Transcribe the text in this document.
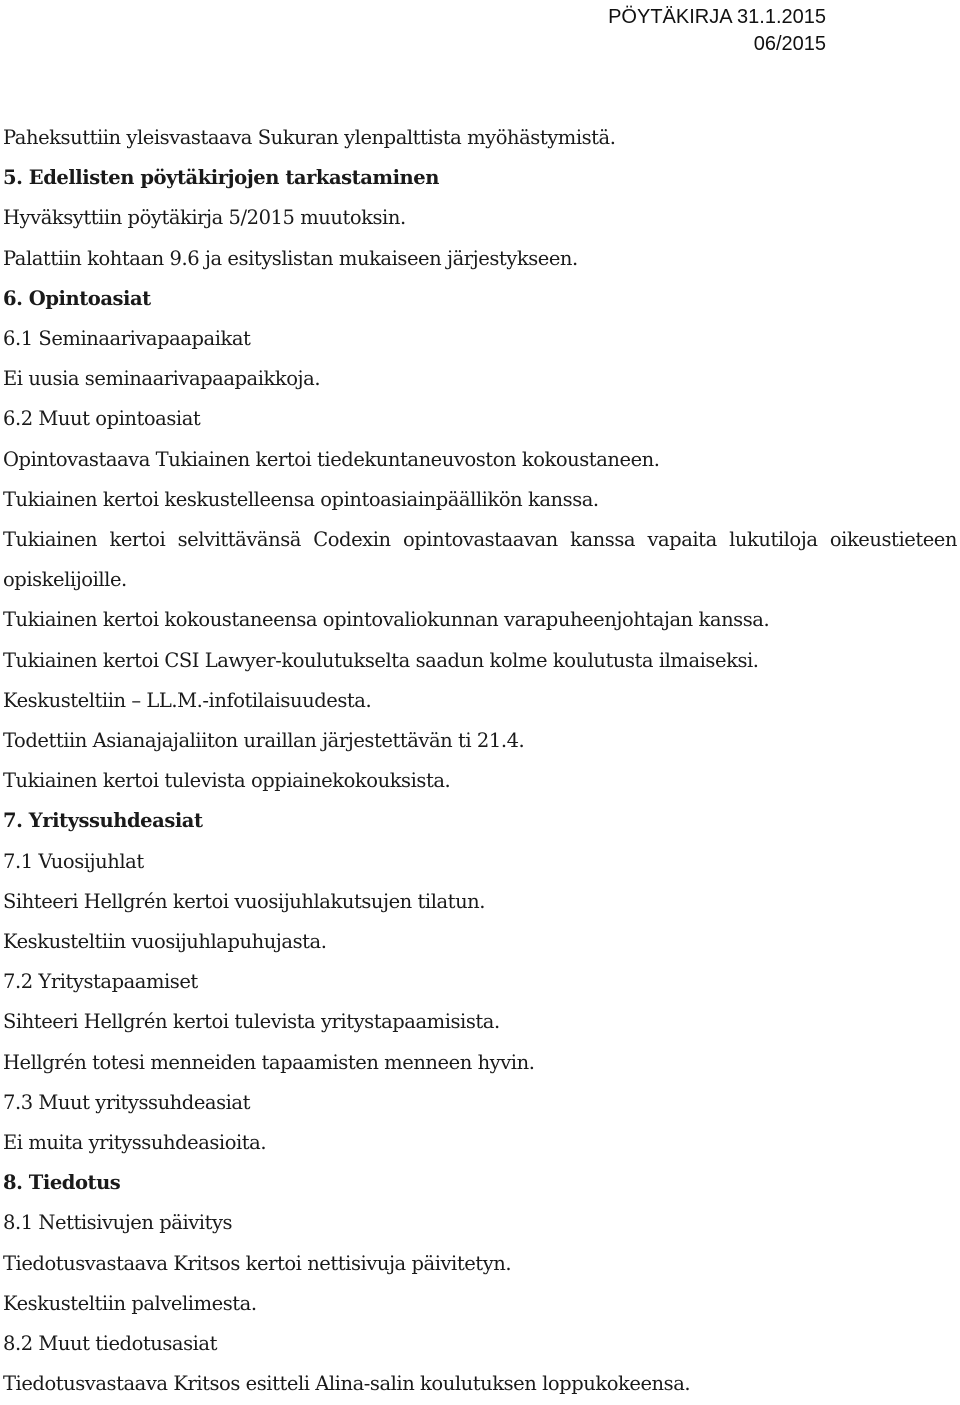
PÖYTÄKIRJA 31.1.2015
06/2015
Paheksuttiin yleisvastaava Sukuran ylenpalttista myöhästymistä.
5. Edellisten pöytäkirjojen tarkastaminen
Hyväksyttiin pöytäkirja 5/2015 muutoksin.
Palattiin kohtaan 9.6 ja esityslistan mukaiseen järjestykseen.
6. Opintoasiat
6.1 Seminaarivapaapaikat
Ei uusia seminaarivapaapaikkoja.
6.2 Muut opintoasiat
Opintovastaava Tukiainen kertoi tiedekuntaneuvoston kokoustaneen.
Tukiainen kertoi keskustelleensa opintoasiainpäällikön kanssa.
Tukiainen kertoi selvittävänsä Codexin opintovastaavan kanssa vapaita lukutiloja oikeustieteen
opiskelijoille.
Tukiainen kertoi kokoustaneensa opintovaliokunnan varapuheenjohtajan kanssa.
Tukiainen kertoi CSI Lawyer-koulutukselta saadun kolme koulutusta ilmaiseksi.
Keskusteltiin – LL.M.-infotilaisuudesta.
Todettiin Asianajajaliiton uraillan järjestettävän ti 21.4.
Tukiainen kertoi tulevista oppiainekokouksista.
7. Yrityssuhdeasiat
7.1 Vuosijuhlat
Sihteeri Hellgrén kertoi vuosijuhlakutsujen tilatun.
Keskusteltiin vuosijuhlapuhujasta.
7.2 Yritystapaamiset
Sihteeri Hellgrén kertoi tulevista yritystapaamisista.
Hellgrén totesi menneiden tapaamisten menneen hyvin.
7.3 Muut yrityssuhdeasiat
Ei muita yrityssuhdeasioita.
8. Tiedotus
8.1 Nettisivujen päivitys
Tiedotusvastaava Kritsos kertoi nettisivuja päivitetyn.
Keskusteltiin palvelimesta.
8.2 Muut tiedotusasiat
Tiedotusvastaava Kritsos esitteli Alina-salin koulutuksen loppukokeensa.
